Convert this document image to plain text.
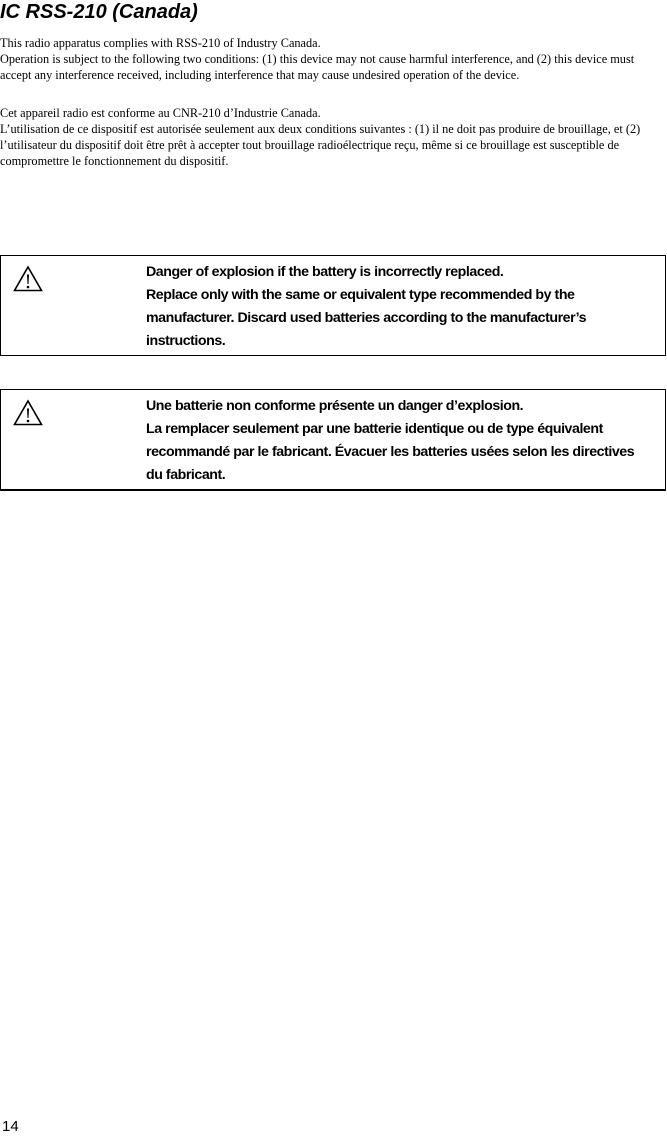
IC RSS-210 (Canada)

This radio apparatus complies with RSS-210 of Industry Canada.

Operation is subject to the following two conditions: (1) this device may not cause harmful interference, and (2) this device must accept any interference received, including interference that may cause undesired operation of the device.

Cet appareil radio est conforme au CNR-210 d’Industrie Canada.

L’utilisation de ce dispositif est autorisée seulement aux deux conditions suivantes : (1) il ne doit pas produire de brouillage, et (2) l’utilisateur du dispositif doit être prêt à accepter tout brouillage radioélectrique reçu, même si ce brouillage est susceptible de compromettre le fonctionnement du dispositif.

Danger of explosion if the battery is incorrectly replaced.
Replace only with the same or equivalent type recommended by the manufacturer. Discard used batteries according to the manufacturer’s instructions.
Une batterie non conforme présente un danger d’explosion.
La remplacer seulement par une batterie identique ou de type équivalent recommandé par le fabricant. Évacuer les batteries usées selon les directives du fabricant.
14
